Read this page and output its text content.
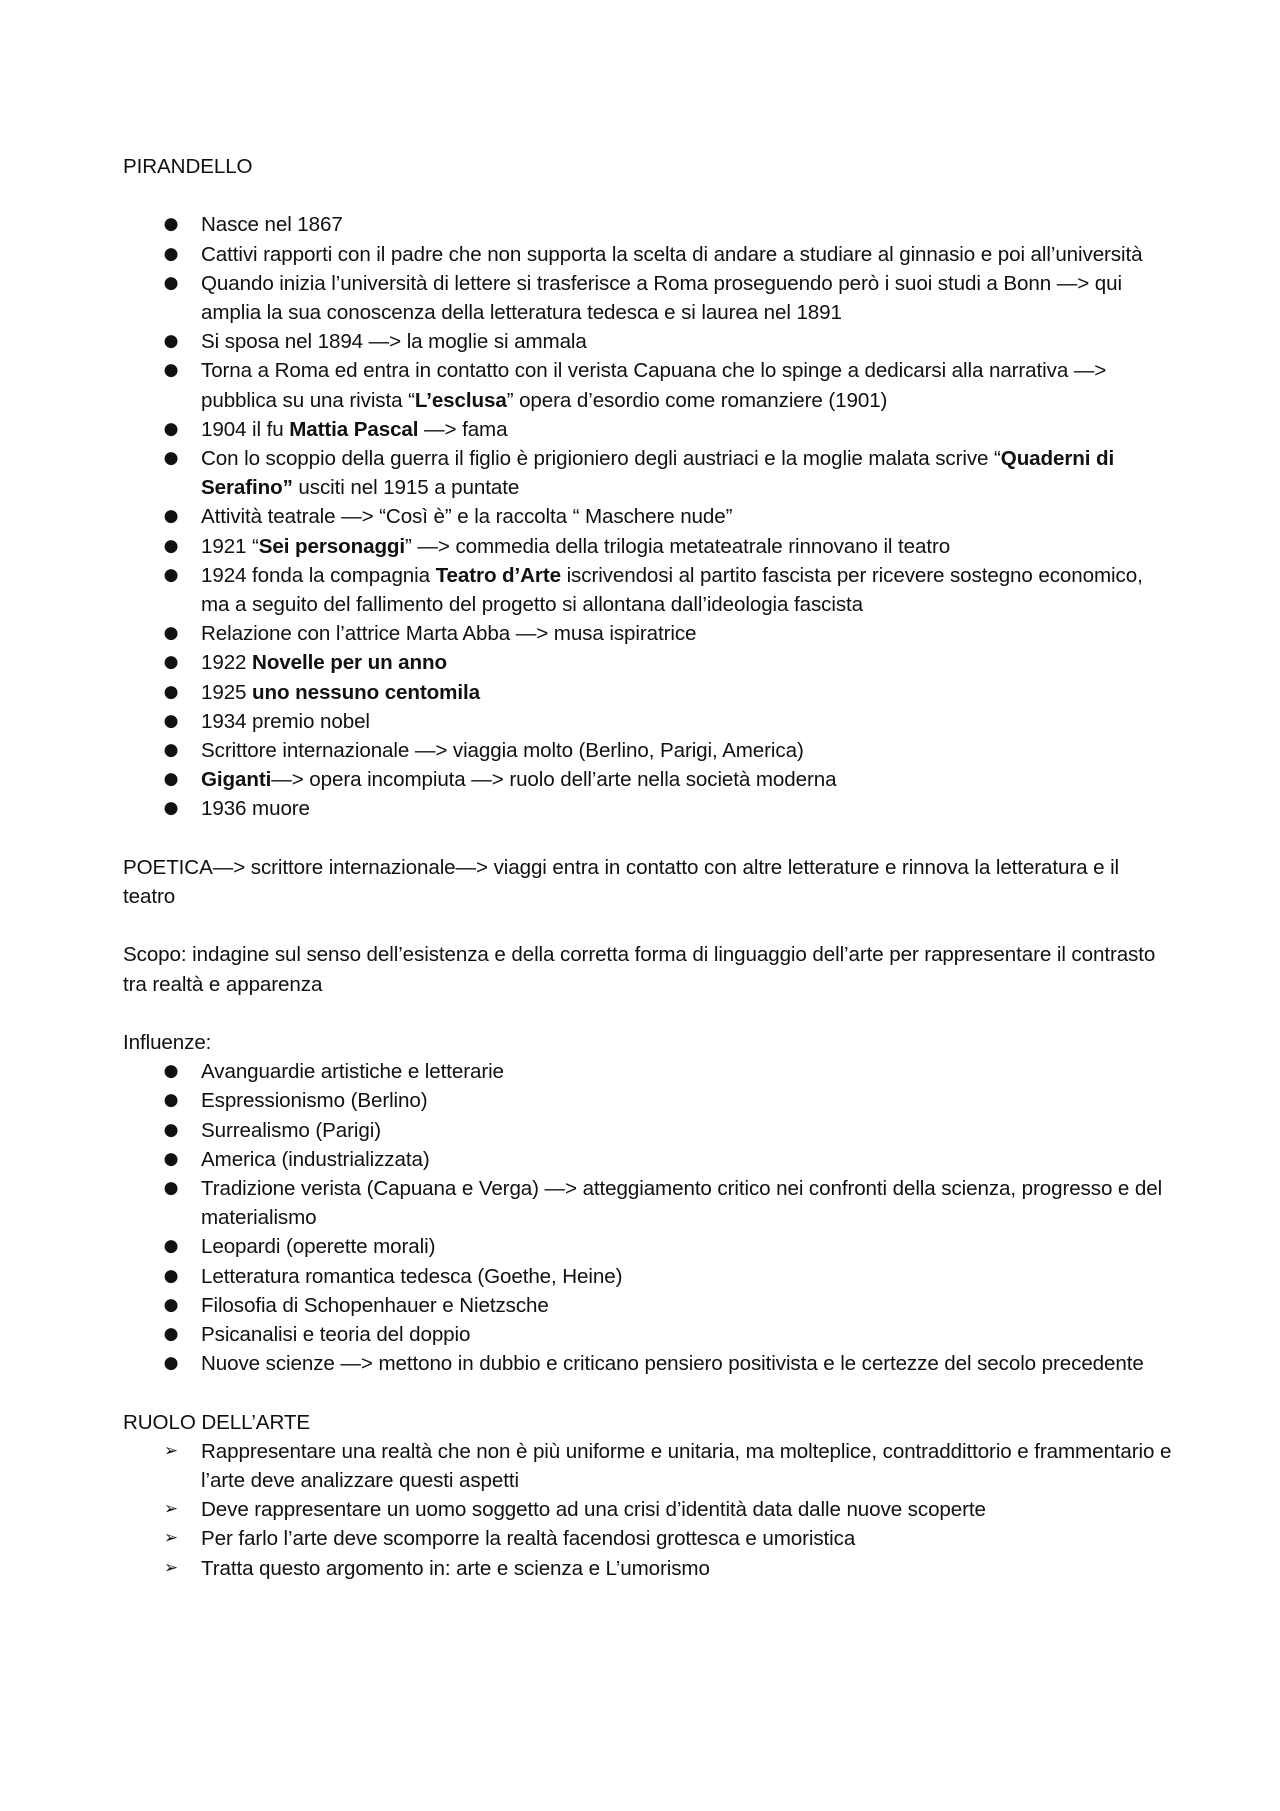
PIRANDELLO

● Nasce nel 1867
● Cattivi rapporti con il padre che non supporta la scelta di andare a studiare al ginnasio e poi all’università
● Quando inizia l’università di lettere si trasferisce a Roma proseguendo però i suoi studi a Bonn —> qui amplia la sua conoscenza della letteratura tedesca e si laurea nel 1891
● Si sposa nel 1894 —> la moglie si ammala
● Torna a Roma ed entra in contatto con il verista Capuana che lo spinge a dedicarsi alla narrativa —> pubblica su una rivista “L’esclusa” opera d’esordio come romanziere (1901)
● 1904 il fu Mattia Pascal —> fama
● Con lo scoppio della guerra il figlio è prigioniero degli austriaci e la moglie malata scrive “Quaderni di Serafino” usciti nel 1915 a puntate
● Attività teatrale —> “Così è” e la raccolta “ Maschere nude”
● 1921 “Sei personaggi” —> commedia della trilogia metateatrale rinnovano il teatro
● 1924 fonda la compagnia Teatro d’Arte iscrivendosi al partito fascista per ricevere sostegno economico, ma a seguito del fallimento del progetto si allontana dall’ideologia fascista
● Relazione con l’attrice Marta Abba —> musa ispiratrice
● 1922 Novelle per un anno
● 1925 uno nessuno centomila
● 1934 premio nobel
● Scrittore internazionale —> viaggia molto (Berlino, Parigi, America)
● Giganti—> opera incompiuta —> ruolo dell’arte nella società moderna
● 1936 muore

POETICA—> scrittore internazionale—> viaggi entra in contatto con altre letterature e rinnova la letteratura e il teatro

Scopo: indagine sul senso dell’esistenza e della corretta forma di linguaggio dell’arte per rappresentare il contrasto tra realtà e apparenza

Influenze:

● Avanguardie artistiche e letterarie
● Espressionismo (Berlino)
● Surrealismo (Parigi)
● America (industrializzata)
● Tradizione verista (Capuana e Verga) —> atteggiamento critico nei confronti della scienza, progresso e del materialismo
● Leopardi (operette morali)
● Letteratura romantica tedesca (Goethe, Heine)
● Filosofia di Schopenhauer e Nietzsche
● Psicanalisi e teoria del doppio
● Nuove scienze —> mettono in dubbio e criticano pensiero positivista e le certezze del secolo precedente

RUOLO DELL’ARTE

➢ Rappresentare una realtà che non è più uniforme e unitaria, ma molteplice, contraddittorio e frammentario e l’arte deve analizzare questi aspetti
➢ Deve rappresentare un uomo soggetto ad una crisi d’identità data dalle nuove scoperte
➢ Per farlo l’arte deve scomporre la realtà facendosi grottesca e umoristica
➢ Tratta questo argomento in: arte e scienza e L’umorismo
